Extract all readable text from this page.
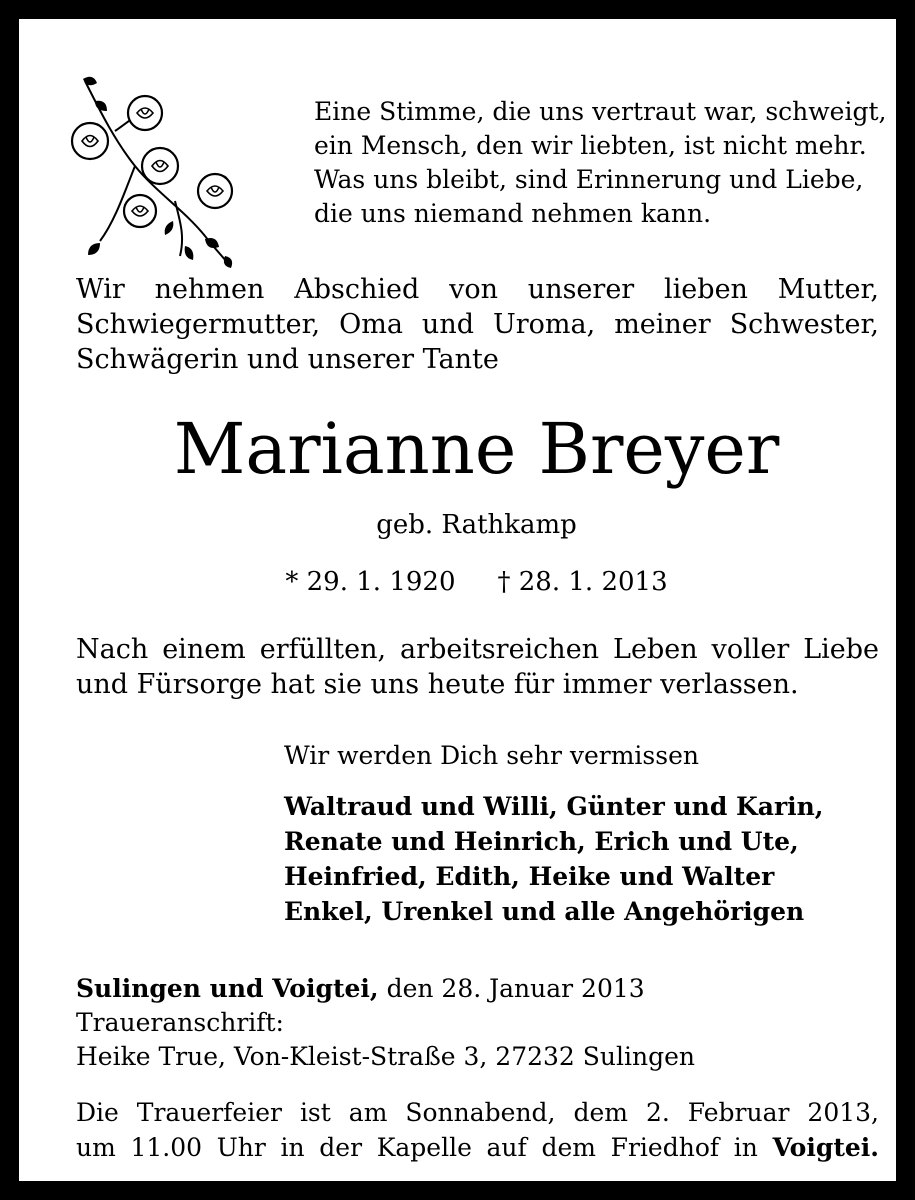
Eine Stimme, die uns vertraut war, schweigt,
ein Mensch, den wir liebten, ist nicht mehr.
Was uns bleibt, sind Erinnerung und Liebe,
die uns niemand nehmen kann.
Wir nehmen Abschied von unserer lieben Mutter,
Schwiegermutter, Oma und Uroma, meiner Schwester,
Schwägerin und unserer Tante
Marianne Breyer
geb. Rathkamp
* 29. 1. 1920 † 28. 1. 2013
Nach einem erfüllten, arbeitsreichen Leben voller Liebe
und Fürsorge hat sie uns heute für immer verlassen.
Wir werden Dich sehr vermissen
Waltraud und Willi, Günter und Karin,
Renate und Heinrich, Erich und Ute,
Heinfried, Edith, Heike und Walter
Enkel, Urenkel und alle Angehörigen
Sulingen und Voigtei, den 28. Januar 2013
Traueranschrift:
Heike True, Von-Kleist-Straße 3, 27232 Sulingen
Die Trauerfeier ist am Sonnabend, dem 2. Februar 2013,
um 11.00 Uhr in der Kapelle auf dem Friedhof in Voigtei.
